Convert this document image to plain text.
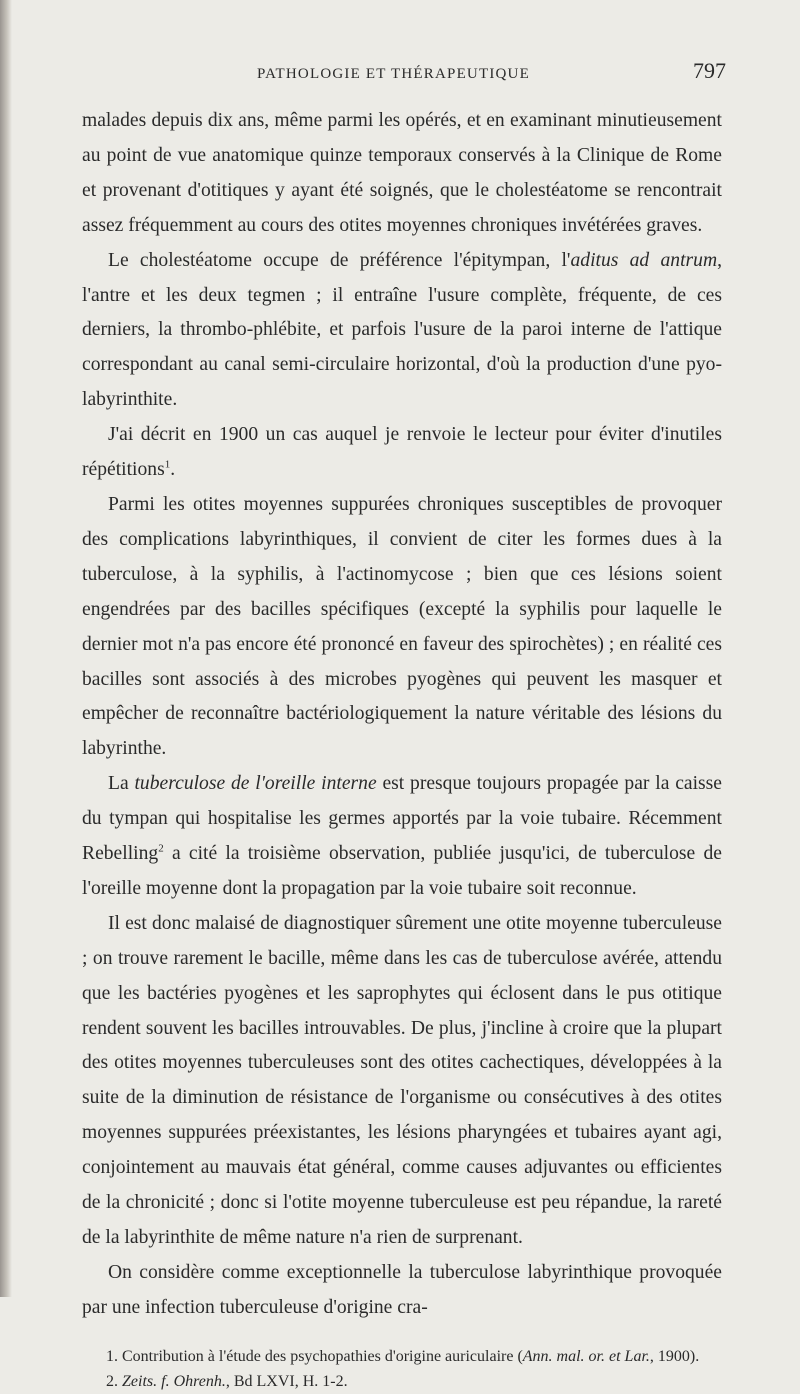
PATHOLOGIE ET THÉRAPEUTIQUE	797

malades depuis dix ans, même parmi les opérés, et en examinant minutieusement au point de vue anatomique quinze temporaux conservés à la Clinique de Rome et provenant d'otitiques y ayant été soignés, que le cholestéatome se rencontrait assez fréquemment au cours des otites moyennes chroniques invétérées graves.

Le cholestéatome occupe de préférence l'épitympan, l'aditus ad antrum, l'antre et les deux tegmen ; il entraîne l'usure complète, fréquente, de ces derniers, la thrombo-phlébite, et parfois l'usure de la paroi interne de l'attique correspondant au canal semi-circulaire horizontal, d'où la production d'une pyo-labyrinthite.

J'ai décrit en 1900 un cas auquel je renvoie le lecteur pour éviter d'inutiles répétitions$^1$.

Parmi les otites moyennes suppurées chroniques susceptibles de provoquer des complications labyrinthiques, il convient de citer les formes dues à la tuberculose, à la syphilis, à l'actinomycose ; bien que ces lésions soient engendrées par des bacilles spécifiques (excepté la syphilis pour laquelle le dernier mot n'a pas encore été prononcé en faveur des spirochètes) ; en réalité ces bacilles sont associés à des microbes pyogènes qui peuvent les masquer et empêcher de reconnaître bactériologiquement la nature véritable des lésions du labyrinthe.

La tuberculose de l'oreille interne est presque toujours propagée par la caisse du tympan qui hospitalise les germes apportés par la voie tubaire. Récemment Rebelling$^2$ a cité la troisième observation, publiée jusqu'ici, de tuberculose de l'oreille moyenne dont la propagation par la voie tubaire soit reconnue.

Il est donc malaisé de diagnostiquer sûrement une otite moyenne tuberculeuse ; on trouve rarement le bacille, même dans les cas de tuberculose avérée, attendu que les bactéries pyogènes et les saprophytes qui éclosent dans le pus otitique rendent souvent les bacilles introuvables. De plus, j'incline à croire que la plupart des otites moyennes tuberculeuses sont des otites cachectiques, développées à la suite de la diminution de résistance de l'organisme ou consécutives à des otites moyennes suppurées préexistantes, les lésions pharyngées et tubaires ayant agi, conjointement au mauvais état général, comme causes adjuvantes ou efficientes de la chronicité ; donc si l'otite moyenne tuberculeuse est peu répandue, la rareté de la labyrinthite de même nature n'a rien de surprenant.

On considère comme exceptionnelle la tuberculose labyrinthique provoquée par une infection tuberculeuse d'origine cra-

1. Contribution à l'étude des psychopathies d'origine auriculaire (Ann. mal. or. et Lar., 1900).

2. Zeits. f. Ohrenh., Bd LXVI, H. 1-2.
